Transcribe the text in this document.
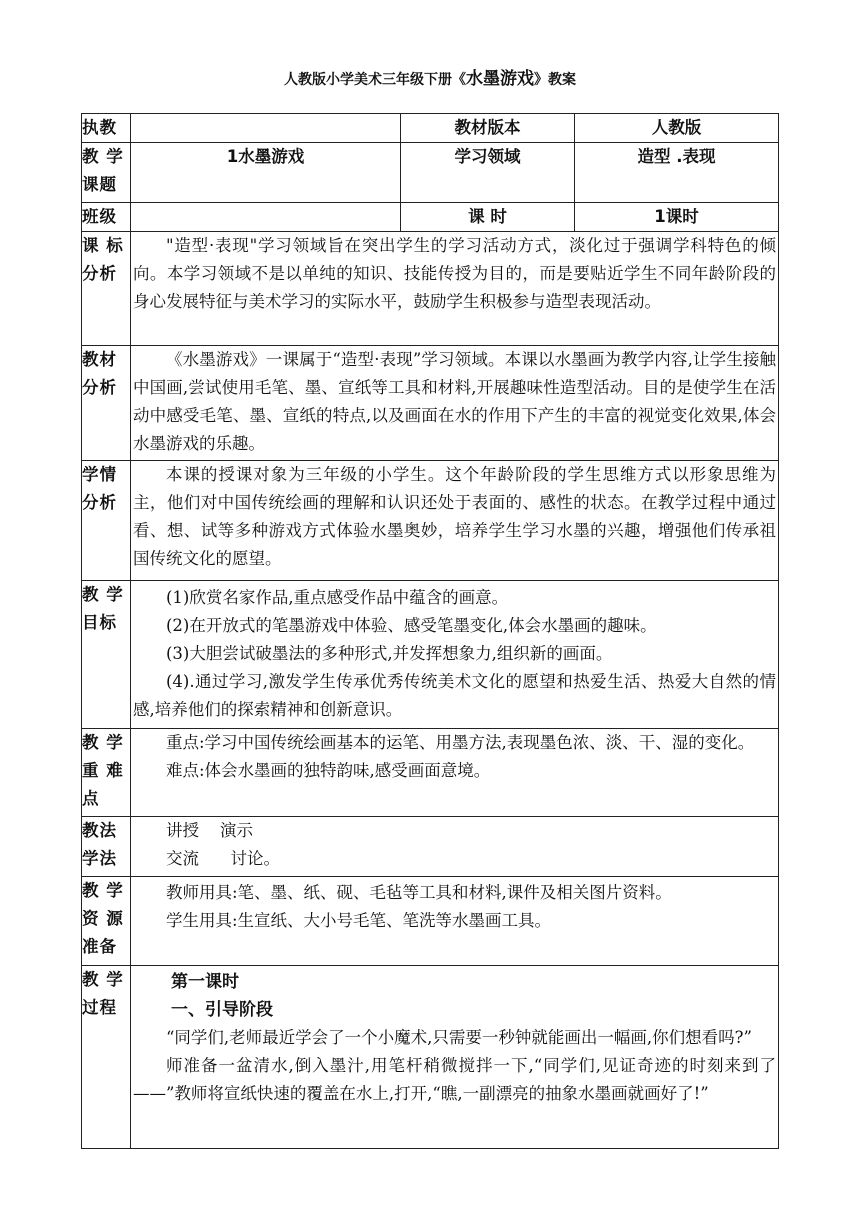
人教版小学美术三年级下册《水墨游戏》教案
执教		教材版本	人教版
教 学 课题	1水墨游戏	学习领域	造型 .表现
班级		课 时	1课时
课 标 分析	"造型·表现"学习领域旨在突出学生的学习活动方式，淡化过于强调学科特色的倾向。本学习领域不是以单纯的知识、技能传授为目的，而是要贴近学生不同年龄阶段的身心发展特征与美术学习的实际水平，鼓励学生积极参与造型表现活动。		

教材 分析	《水墨游戏》一课属于“造型·表现”学习领域。本课以水墨画为教学内容,让学生接触中国画,尝试使用毛笔、墨、宣纸等工具和材料,开展趣味性造型活动。目的是使学生在活动中感受毛笔、墨、宣纸的特点,以及画面在水的作用下产生的丰富的视觉变化效果,体会水墨游戏的乐趣。		

学情 分析	本课的授课对象为三年级的小学生。这个年龄阶段的学生思维方式以形象思维为主，他们对中国传统绘画的理解和认识还处于表面的、感性的状态。在教学过程中通过看、想、试等多种游戏方式体验水墨奥妙，培养学生学习水墨的兴趣，增强他们传承祖国传统文化的愿望。		

教 学 目标	(1)欣赏名家作品,重点感受作品中蕴含的画意。

(2)在开放式的笔墨游戏中体验、感受笔墨变化,体会水墨画的趣味。

(3)大胆尝试破墨法的多种形式,并发挥想象力,组织新的画面。

(4).通过学习,激发学生传承优秀传统美术文化的愿望和热爱生活、热爱大自然的情感,培养他们的探索精神和创新意识。		

教 学 重 难 点	重点:学习中国传统绘画基本的运笔、用墨方法,表现墨色浓、淡、干、湿的变化。

难点:体会水墨画的独特韵味,感受画面意境。		

教法 学法	讲授    演示

交流      讨论。		

教 学 资 源 准备	教师用具:笔、墨、纸、砚、毛毡等工具和材料,课件及相关图片资料。

学生用具:生宣纸、大小号毛笔、笔洗等水墨画工具。		

教 学 过程	第一课时

一、引导阶段

“同学们,老师最近学会了一个小魔术,只需要一秒钟就能画出一幅画,你们想看吗?”

师准备一盆清水,倒入墨汁,用笔杆稍微搅拌一下,“同学们,见证奇迹的时刻来到了——”教师将宣纸快速的覆盖在水上,打开,“瞧,一副漂亮的抽象水墨画就画好了!”		
